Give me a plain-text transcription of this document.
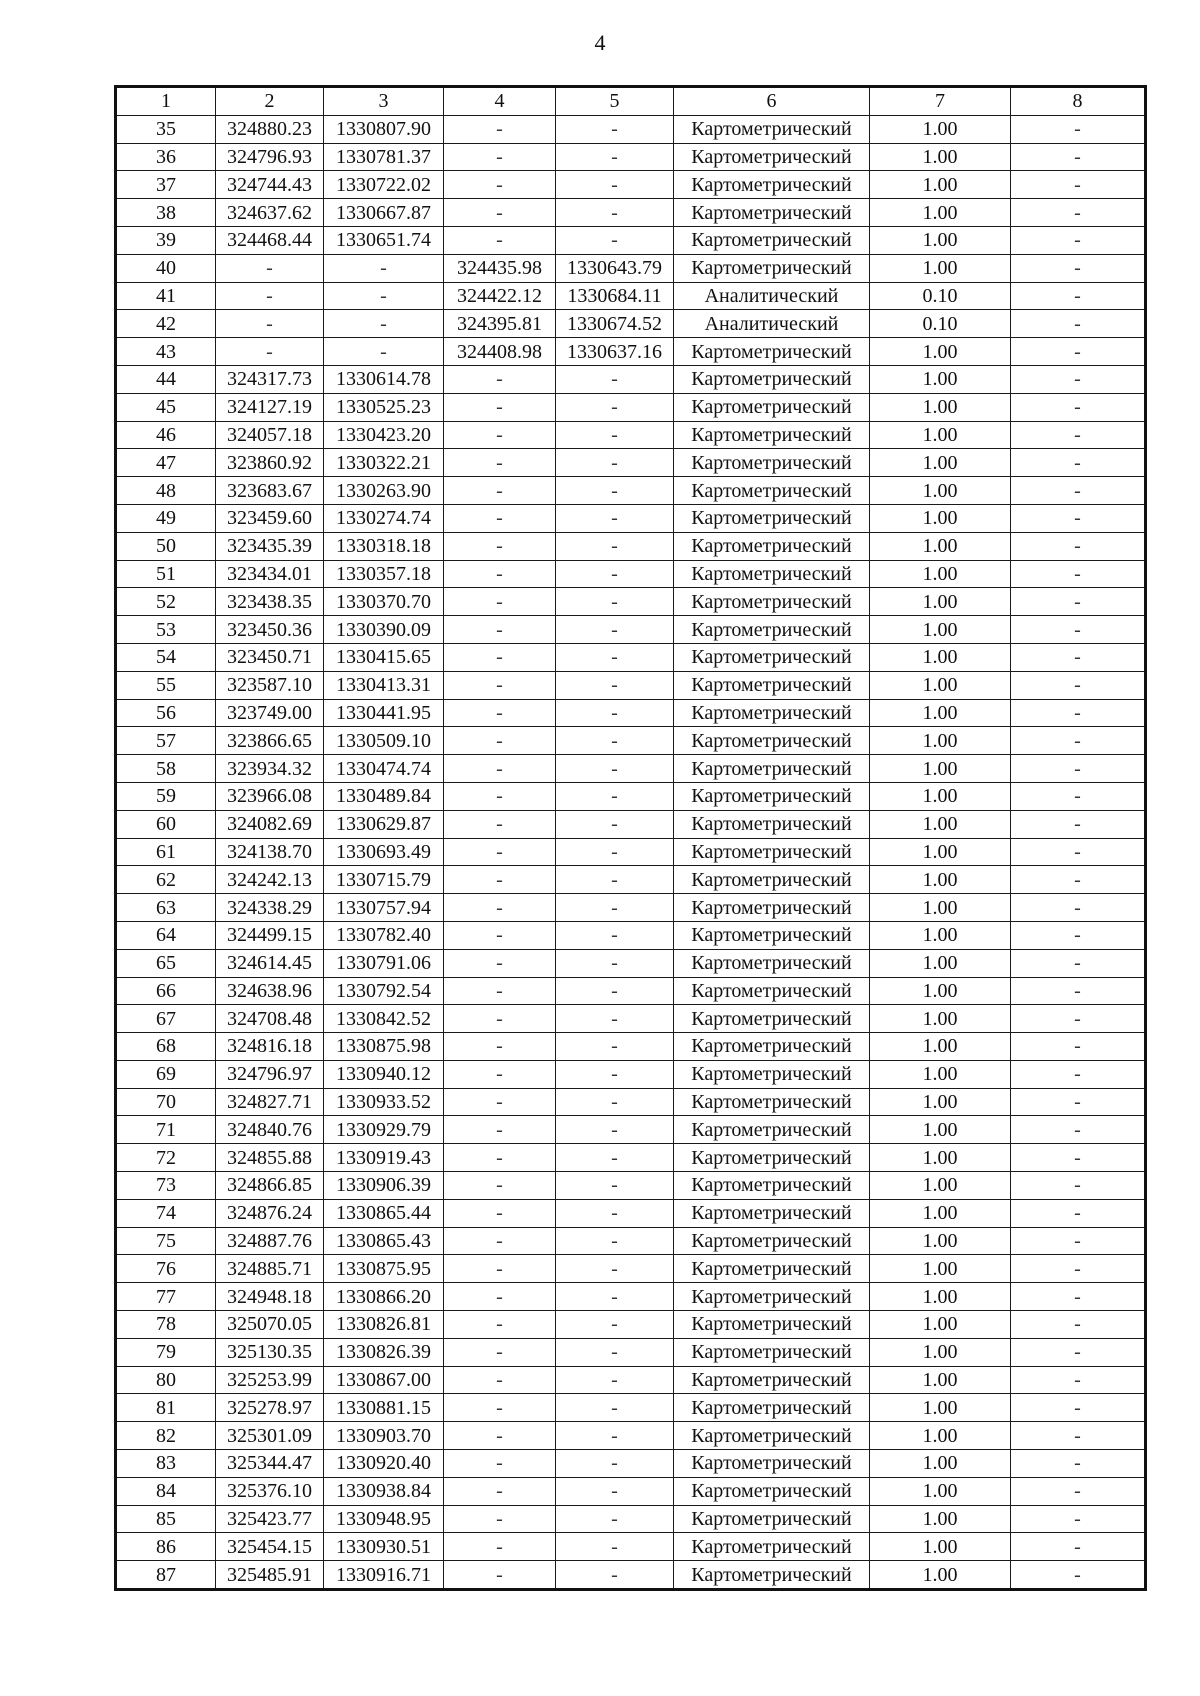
4
1	2	3	4	5	6	7	8
35	324880.23	1330807.90	-	-	Картометрический	1.00	-
36	324796.93	1330781.37	-	-	Картометрический	1.00	-
37	324744.43	1330722.02	-	-	Картометрический	1.00	-
38	324637.62	1330667.87	-	-	Картометрический	1.00	-
39	324468.44	1330651.74	-	-	Картометрический	1.00	-
40	-	-	324435.98	1330643.79	Картометрический	1.00	-
41	-	-	324422.12	1330684.11	Аналитический	0.10	-
42	-	-	324395.81	1330674.52	Аналитический	0.10	-
43	-	-	324408.98	1330637.16	Картометрический	1.00	-
44	324317.73	1330614.78	-	-	Картометрический	1.00	-
45	324127.19	1330525.23	-	-	Картометрический	1.00	-
46	324057.18	1330423.20	-	-	Картометрический	1.00	-
47	323860.92	1330322.21	-	-	Картометрический	1.00	-
48	323683.67	1330263.90	-	-	Картометрический	1.00	-
49	323459.60	1330274.74	-	-	Картометрический	1.00	-
50	323435.39	1330318.18	-	-	Картометрический	1.00	-
51	323434.01	1330357.18	-	-	Картометрический	1.00	-
52	323438.35	1330370.70	-	-	Картометрический	1.00	-
53	323450.36	1330390.09	-	-	Картометрический	1.00	-
54	323450.71	1330415.65	-	-	Картометрический	1.00	-
55	323587.10	1330413.31	-	-	Картометрический	1.00	-
56	323749.00	1330441.95	-	-	Картометрический	1.00	-
57	323866.65	1330509.10	-	-	Картометрический	1.00	-
58	323934.32	1330474.74	-	-	Картометрический	1.00	-
59	323966.08	1330489.84	-	-	Картометрический	1.00	-
60	324082.69	1330629.87	-	-	Картометрический	1.00	-
61	324138.70	1330693.49	-	-	Картометрический	1.00	-
62	324242.13	1330715.79	-	-	Картометрический	1.00	-
63	324338.29	1330757.94	-	-	Картометрический	1.00	-
64	324499.15	1330782.40	-	-	Картометрический	1.00	-
65	324614.45	1330791.06	-	-	Картометрический	1.00	-
66	324638.96	1330792.54	-	-	Картометрический	1.00	-
67	324708.48	1330842.52	-	-	Картометрический	1.00	-
68	324816.18	1330875.98	-	-	Картометрический	1.00	-
69	324796.97	1330940.12	-	-	Картометрический	1.00	-
70	324827.71	1330933.52	-	-	Картометрический	1.00	-
71	324840.76	1330929.79	-	-	Картометрический	1.00	-
72	324855.88	1330919.43	-	-	Картометрический	1.00	-
73	324866.85	1330906.39	-	-	Картометрический	1.00	-
74	324876.24	1330865.44	-	-	Картометрический	1.00	-
75	324887.76	1330865.43	-	-	Картометрический	1.00	-
76	324885.71	1330875.95	-	-	Картометрический	1.00	-
77	324948.18	1330866.20	-	-	Картометрический	1.00	-
78	325070.05	1330826.81	-	-	Картометрический	1.00	-
79	325130.35	1330826.39	-	-	Картометрический	1.00	-
80	325253.99	1330867.00	-	-	Картометрический	1.00	-
81	325278.97	1330881.15	-	-	Картометрический	1.00	-
82	325301.09	1330903.70	-	-	Картометрический	1.00	-
83	325344.47	1330920.40	-	-	Картометрический	1.00	-
84	325376.10	1330938.84	-	-	Картометрический	1.00	-
85	325423.77	1330948.95	-	-	Картометрический	1.00	-
86	325454.15	1330930.51	-	-	Картометрический	1.00	-
87	325485.91	1330916.71	-	-	Картометрический	1.00	-
